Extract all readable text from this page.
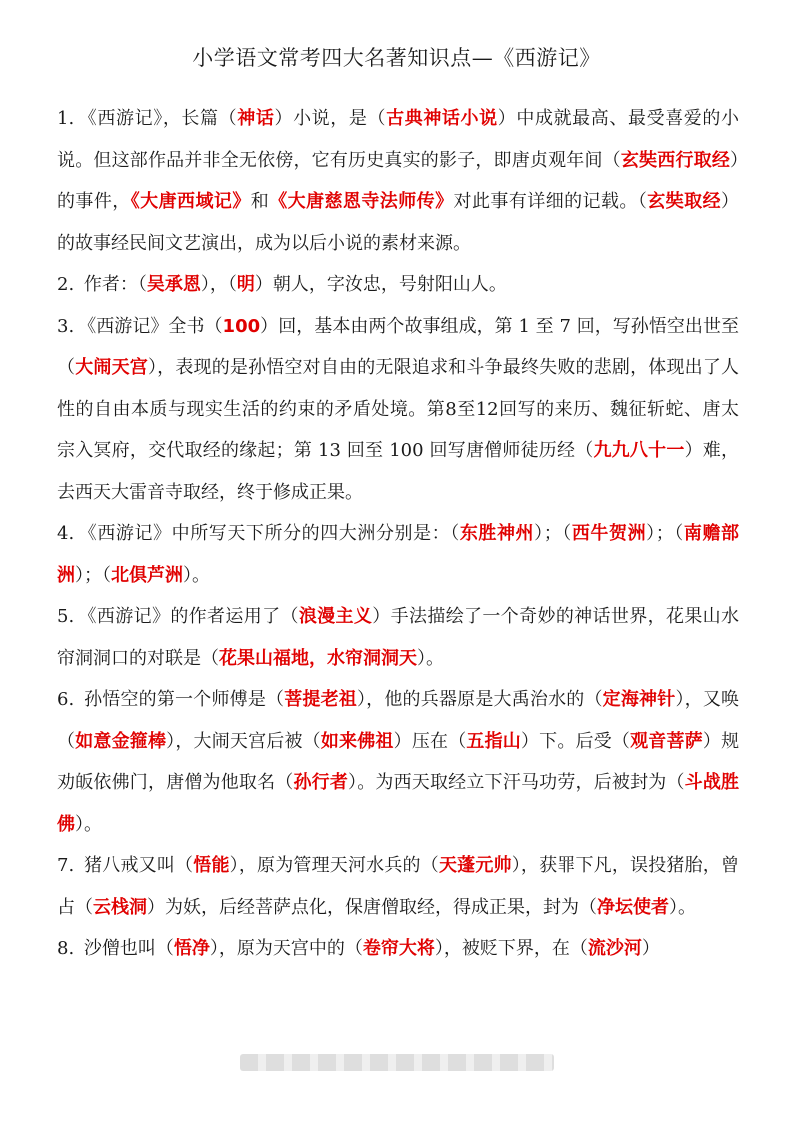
小学语文常考四大名著知识点—《西游记》

1. 《西游记》，长篇（神话）小说，是（古典神话小说）中成就最高、最受喜爱的小说。但这部作品并非全无依傍，它有历史真实的影子，即唐贞观年间（玄奘西行取经）的事件，《大唐西域记》和《大唐慈恩寺法师传》对此事有详细的记载。（玄奘取经）的故事经民间文艺演出，成为以后小说的素材来源。

2. 作者：（吴承恩），（明）朝人，字汝忠，号射阳山人。

3. 《西游记》全书（100）回，基本由两个故事组成，第 1 至 7 回，写孙悟空出世至（大闹天宫），表现的是孙悟空对自由的无限追求和斗争最终失败的悲剧，体现出了人性的自由本质与现实生活的约束的矛盾处境。第8至12回写的来历、魏征斩蛇、唐太宗入冥府，交代取经的缘起；第 13 回至 100 回写唐僧师徒历经（九九八十一）难，去西天大雷音寺取经，终于修成正果。

4. 《西游记》中所写天下所分的四大洲分别是：（东胜神州）；（西牛贺洲）；（南赡部洲）；（北俱芦洲）。

5. 《西游记》的作者运用了（浪漫主义）手法描绘了一个奇妙的神话世界，花果山水帘洞洞口的对联是（花果山福地，水帘洞洞天）。

6. 孙悟空的第一个师傅是（菩提老祖），他的兵器原是大禹治水的（定海神针），又唤（如意金箍棒），大闹天宫后被（如来佛祖）压在（五指山）下。后受（观音菩萨）规劝皈依佛门，唐僧为他取名（孙行者）。为西天取经立下汗马功劳，后被封为（斗战胜佛）。

7. 猪八戒又叫（悟能），原为管理天河水兵的（天蓬元帅），获罪下凡，误投猪胎，曾占（云栈洞）为妖，后经菩萨点化，保唐僧取经，得成正果，封为（净坛使者）。

8. 沙僧也叫（悟净），原为天宫中的（卷帘大将），被贬下界，在（流沙河）
